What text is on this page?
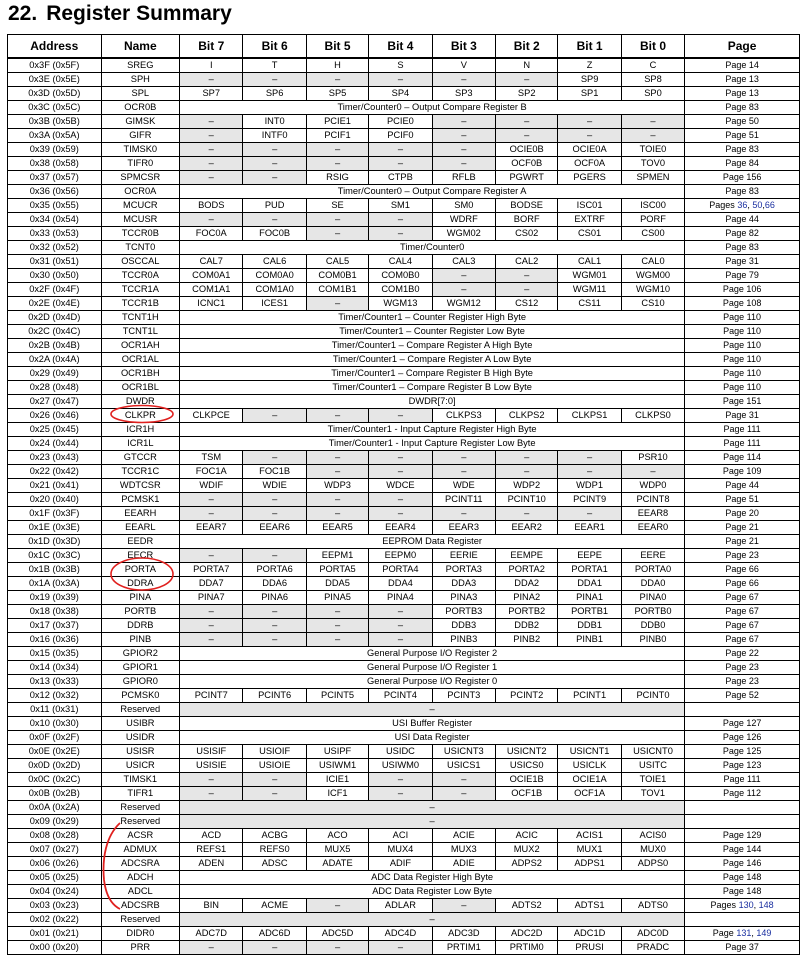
22. Register Summary
Address	Name	Bit 7	Bit 6	Bit 5	Bit 4	Bit 3	Bit 2	Bit 1	Bit 0	Page
0x3F (0x5F)	SREG	I	T	H	S	V	N	Z	C	Page 14
0x3E (0x5E)	SPH	–	–	–	–	–	–	SP9	SP8	Page 13
0x3D (0x5D)	SPL	SP7	SP6	SP5	SP4	SP3	SP2	SP1	SP0	Page 13
0x3C (0x5C)	OCR0B	Timer/Counter0 – Output Compare Register B								Page 83
0x3B (0x5B)	GIMSK	–	INT0	PCIE1	PCIE0	–	–	–	–	Page 50
0x3A (0x5A)	GIFR	–	INTF0	PCIF1	PCIF0	–	–	–	–	Page 51
0x39 (0x59)	TIMSK0	–	–	–	–	–	OCIE0B	OCIE0A	TOIE0	Page 83
0x38 (0x58)	TIFR0	–	–	–	–	–	OCF0B	OCF0A	TOV0	Page 84
0x37 (0x57)	SPMCSR	–	–	RSIG	CTPB	RFLB	PGWRT	PGERS	SPMEN	Page 156
0x36 (0x56)	OCR0A	Timer/Counter0 – Output Compare Register A								Page 83
0x35 (0x55)	MCUCR	BODS	PUD	SE	SM1	SM0	BODSE	ISC01	ISC00	Pages 36, 50,66
0x34 (0x54)	MCUSR	–	–	–	–	WDRF	BORF	EXTRF	PORF	Page 44
0x33 (0x53)	TCCR0B	FOC0A	FOC0B	–	–	WGM02	CS02	CS01	CS00	Page 82
0x32 (0x52)	TCNT0	Timer/Counter0								Page 83
0x31 (0x51)	OSCCAL	CAL7	CAL6	CAL5	CAL4	CAL3	CAL2	CAL1	CAL0	Page 31
0x30 (0x50)	TCCR0A	COM0A1	COM0A0	COM0B1	COM0B0	–	–	WGM01	WGM00	Page 79
0x2F (0x4F)	TCCR1A	COM1A1	COM1A0	COM1B1	COM1B0	–	–	WGM11	WGM10	Page 106
0x2E (0x4E)	TCCR1B	ICNC1	ICES1	–	WGM13	WGM12	CS12	CS11	CS10	Page 108
0x2D (0x4D)	TCNT1H	Timer/Counter1 – Counter Register High Byte								Page 110
0x2C (0x4C)	TCNT1L	Timer/Counter1 – Counter Register Low Byte								Page 110
0x2B (0x4B)	OCR1AH	Timer/Counter1 – Compare Register A High Byte								Page 110
0x2A (0x4A)	OCR1AL	Timer/Counter1 – Compare Register A Low Byte								Page 110
0x29 (0x49)	OCR1BH	Timer/Counter1 – Compare Register B High Byte								Page 110
0x28 (0x48)	OCR1BL	Timer/Counter1 – Compare Register B Low Byte								Page 110
0x27 (0x47)	DWDR	DWDR[7:0]								Page 151
0x26 (0x46)	CLKPR	CLKPCE	–	–	–	CLKPS3	CLKPS2	CLKPS1	CLKPS0	Page 31
0x25 (0x45)	ICR1H	Timer/Counter1 - Input Capture Register High Byte								Page 111
0x24 (0x44)	ICR1L	Timer/Counter1 - Input Capture Register Low Byte								Page 111
0x23 (0x43)	GTCCR	TSM	–	–	–	–	–	–	PSR10	Page 114
0x22 (0x42)	TCCR1C	FOC1A	FOC1B	–	–	–	–	–	–	Page 109
0x21 (0x41)	WDTCSR	WDIF	WDIE	WDP3	WDCE	WDE	WDP2	WDP1	WDP0	Page 44
0x20 (0x40)	PCMSK1	–	–	–	–	PCINT11	PCINT10	PCINT9	PCINT8	Page 51
0x1F (0x3F)	EEARH	–	–	–	–	–	–	–	EEAR8	Page 20
0x1E (0x3E)	EEARL	EEAR7	EEAR6	EEAR5	EEAR4	EEAR3	EEAR2	EEAR1	EEAR0	Page 21
0x1D (0x3D)	EEDR	EEPROM Data Register								Page 21
0x1C (0x3C)	EECR	–	–	EEPM1	EEPM0	EERIE	EEMPE	EEPE	EERE	Page 23
0x1B (0x3B)	PORTA	PORTA7	PORTA6	PORTA5	PORTA4	PORTA3	PORTA2	PORTA1	PORTA0	Page 66
0x1A (0x3A)	DDRA	DDA7	DDA6	DDA5	DDA4	DDA3	DDA2	DDA1	DDA0	Page 66
0x19 (0x39)	PINA	PINA7	PINA6	PINA5	PINA4	PINA3	PINA2	PINA1	PINA0	Page 67
0x18 (0x38)	PORTB	–	–	–	–	PORTB3	PORTB2	PORTB1	PORTB0	Page 67
0x17 (0x37)	DDRB	–	–	–	–	DDB3	DDB2	DDB1	DDB0	Page 67
0x16 (0x36)	PINB	–	–	–	–	PINB3	PINB2	PINB1	PINB0	Page 67
0x15 (0x35)	GPIOR2	General Purpose I/O Register 2								Page 22
0x14 (0x34)	GPIOR1	General Purpose I/O Register 1								Page 23
0x13 (0x33)	GPIOR0	General Purpose I/O Register 0								Page 23
0x12 (0x32)	PCMSK0	PCINT7	PCINT6	PCINT5	PCINT4	PCINT3	PCINT2	PCINT1	PCINT0	Page 52
0x11 (0x31)	Reserved	–								
0x10 (0x30)	USIBR	USI Buffer Register								Page 127
0x0F (0x2F)	USIDR	USI Data Register								Page 126
0x0E (0x2E)	USISR	USISIF	USIOIF	USIPF	USIDC	USICNT3	USICNT2	USICNT1	USICNT0	Page 125
0x0D (0x2D)	USICR	USISIE	USIOIE	USIWM1	USIWM0	USICS1	USICS0	USICLK	USITC	Page 123
0x0C (0x2C)	TIMSK1	–	–	ICIE1	–	–	OCIE1B	OCIE1A	TOIE1	Page 111
0x0B (0x2B)	TIFR1	–	–	ICF1	–	–	OCF1B	OCF1A	TOV1	Page 112
0x0A (0x2A)	Reserved	–								
0x09 (0x29)	Reserved	–								
0x08 (0x28)	ACSR	ACD	ACBG	ACO	ACI	ACIE	ACIC	ACIS1	ACIS0	Page 129
0x07 (0x27)	ADMUX	REFS1	REFS0	MUX5	MUX4	MUX3	MUX2	MUX1	MUX0	Page 144
0x06 (0x26)	ADCSRA	ADEN	ADSC	ADATE	ADIF	ADIE	ADPS2	ADPS1	ADPS0	Page 146
0x05 (0x25)	ADCH	ADC Data Register High Byte								Page 148
0x04 (0x24)	ADCL	ADC Data Register Low Byte								Page 148
0x03 (0x23)	ADCSRB	BIN	ACME	–	ADLAR	–	ADTS2	ADTS1	ADTS0	Pages 130, 148
0x02 (0x22)	Reserved	–								
0x01 (0x21)	DIDR0	ADC7D	ADC6D	ADC5D	ADC4D	ADC3D	ADC2D	ADC1D	ADC0D	Page 131, 149
0x00 (0x20)	PRR	–	–	–	–	PRTIM1	PRTIM0	PRUSI	PRADC	Page 37
